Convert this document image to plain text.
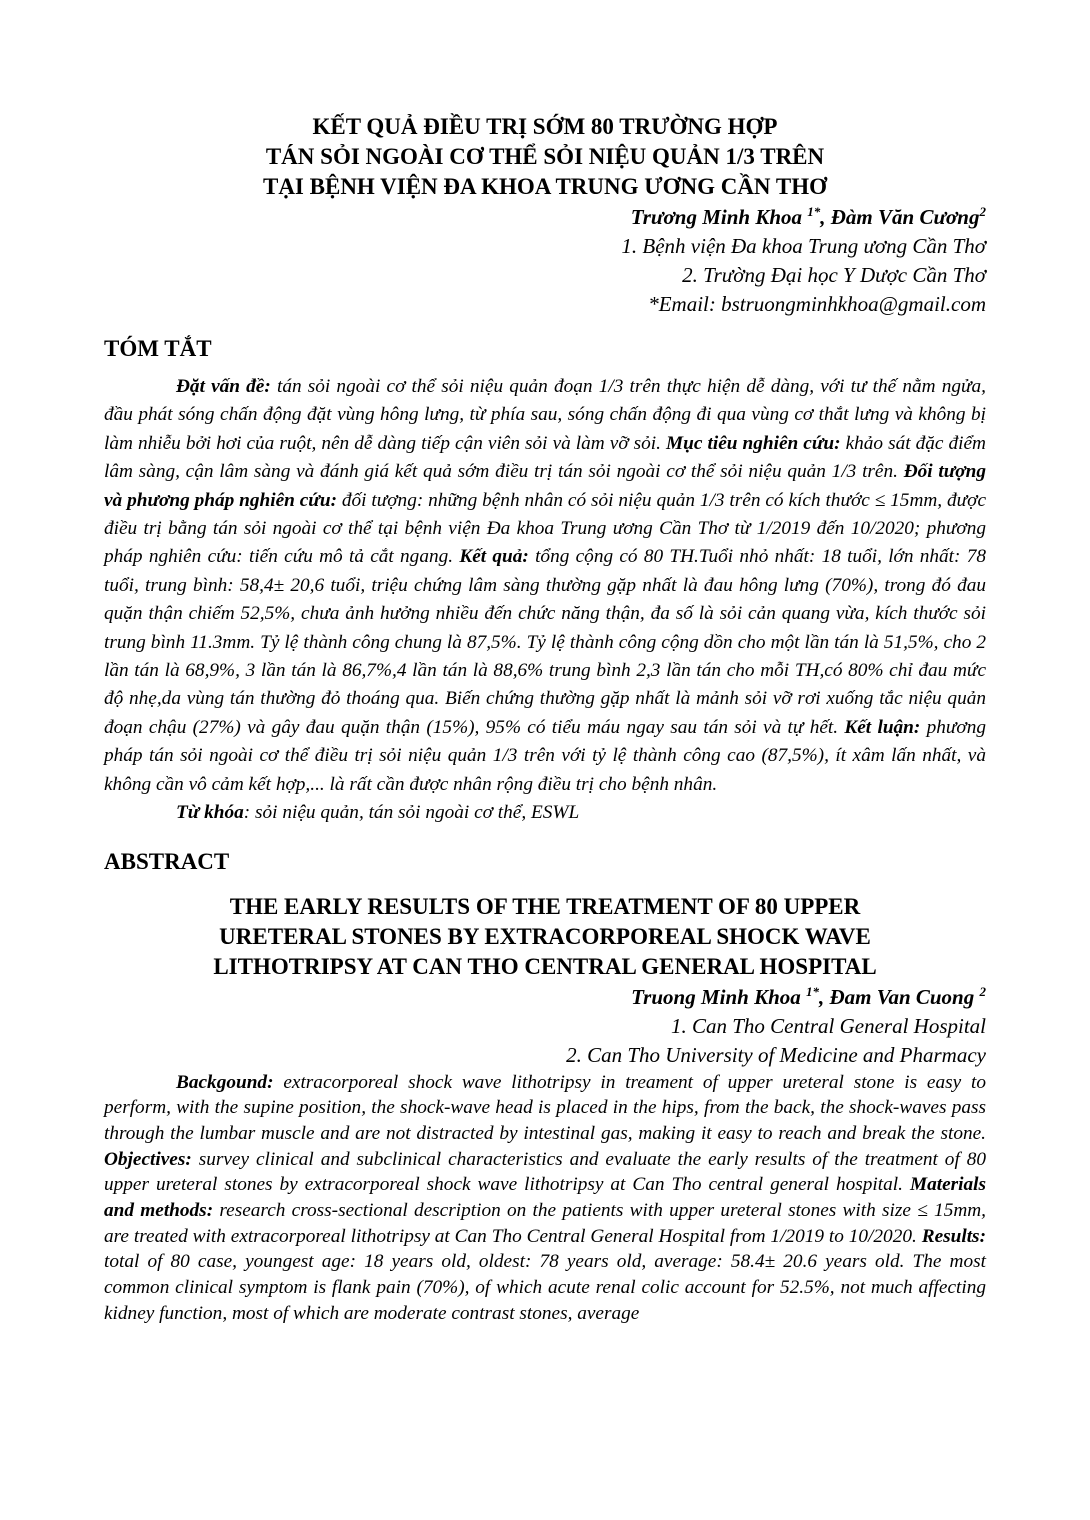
KẾT QUẢ ĐIỀU TRỊ SỚM 80 TRƯỜNG HỢP
TÁN SỎI NGOÀI CƠ THỂ SỎI NIỆU QUẢN 1/3 TRÊN
TẠI BỆNH VIỆN ĐA KHOA TRUNG ƯƠNG CẦN THƠ

Trương Minh Khoa $^{1*}$, Đàm Văn Cương$^2$

1. Bệnh viện Đa khoa Trung ương Cần Thơ

2. Trường Đại học Y Dược Cần Thơ

*Email: bstruongminhkhoa@gmail.com

TÓM TẮT

Đặt vấn đề: tán sỏi ngoài cơ thể sỏi niệu quản đoạn 1/3 trên thực hiện dễ dàng, với tư thế nằm ngửa, đầu phát sóng chấn động đặt vùng hông lưng, từ phía sau, sóng chấn động đi qua vùng cơ thắt lưng và không bị làm nhiễu bởi hơi của ruột, nên dễ dàng tiếp cận viên sỏi và làm vỡ sỏi. Mục tiêu nghiên cứu: khảo sát đặc điểm lâm sàng, cận lâm sàng và đánh giá kết quả sớm điều trị tán sỏi ngoài cơ thể sỏi niệu quản 1/3 trên. Đối tượng và phương pháp nghiên cứu: đối tượng: những bệnh nhân có sỏi niệu quản 1/3 trên có kích thước ≤ 15mm, được điều trị bằng tán sỏi ngoài cơ thể tại bệnh viện Đa khoa Trung ương Cần Thơ từ 1/2019 đến 10/2020; phương pháp nghiên cứu: tiến cứu mô tả cắt ngang. Kết quả: tổng cộng có 80 TH.Tuổi nhỏ nhất: 18 tuổi, lớn nhất: 78 tuổi, trung bình: 58,4± 20,6 tuổi, triệu chứng lâm sàng thường gặp nhất là đau hông lưng (70%), trong đó đau quặn thận chiếm 52,5%, chưa ảnh hưởng nhiều đến chức năng thận, đa số là sỏi cản quang vừa, kích thước sỏi trung bình 11.3mm. Tỷ lệ thành công chung là 87,5%. Tỷ lệ thành công cộng dồn cho một lần tán là 51,5%, cho 2 lần tán là 68,9%, 3 lần tán là 86,7%,4 lần tán là 88,6% trung bình 2,3 lần tán cho mỗi TH,có 80% chỉ đau mức độ nhẹ,da vùng tán thường đỏ thoáng qua. Biến chứng thường gặp nhất là mảnh sỏi vỡ rơi xuống tắc niệu quản đoạn chậu (27%) và gây đau quặn thận (15%), 95% có tiểu máu ngay sau tán sỏi và tự hết. Kết luận: phương pháp tán sỏi ngoài cơ thể điều trị sỏi niệu quản 1/3 trên với tỷ lệ thành công cao (87,5%), ít xâm lấn nhất, và không cần vô cảm kết hợp,... là rất cần được nhân rộng điều trị cho bệnh nhân.

Từ khóa: sỏi niệu quản, tán sỏi ngoài cơ thể, ESWL

ABSTRACT
THE EARLY RESULTS OF THE TREATMENT OF 80 UPPER
URETERAL STONES BY EXTRACORPOREAL SHOCK WAVE
LITHOTRIPSY AT CAN THO CENTRAL GENERAL HOSPITAL

Truong Minh Khoa $^{1*}$, Đam Van Cuong $^2$

1. Can Tho Central General Hospital

2. Can Tho University of Medicine and Pharmacy

Backgound: extracorporeal shock wave lithotripsy in treament of upper ureteral stone is easy to perform, with the supine position, the shock-wave head is placed in the hips, from the back, the shock-waves pass through the lumbar muscle and are not distracted by intestinal gas, making it easy to reach and break the stone. Objectives: survey clinical and subclinical characteristics and evaluate the early results of the treatment of 80 upper ureteral stones by extracorporeal shock wave lithotripsy at Can Tho central general hospital. Materials and methods: research cross-sectional description on the patients with upper ureteral stones with size ≤ 15mm, are treated with extracorporeal lithotripsy at Can Tho Central General Hospital from 1/2019 to 10/2020. Results: total of 80 case, youngest age: 18 years old, oldest: 78 years old, average: 58.4± 20.6 years old. The most common clinical symptom is flank pain (70%), of which acute renal colic account for 52.5%, not much affecting kidney function, most of which are moderate contrast stones, average
